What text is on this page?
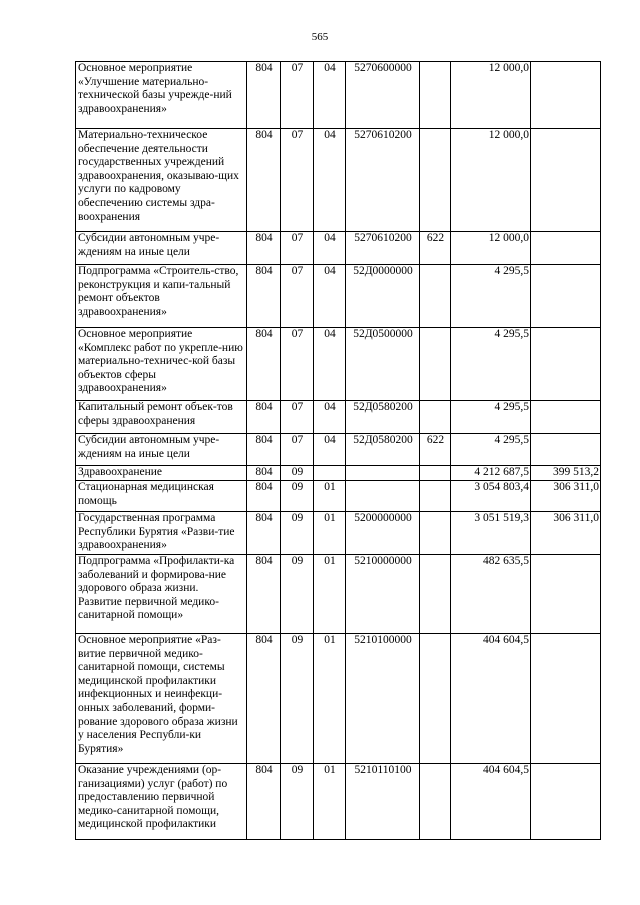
565
Основное мероприятие «Улучшение материально-технической базы учрежде-ний здравоохранения»	804	07	04	5270600000		12 000,0	
Материально-техническое обеспечение деятельности государственных учреждений здравоохранения, оказываю-щих услуги по кадровому обеспечению системы здра-воохранения	804	07	04	5270610200		12 000,0	
Субсидии автономным учре-ждениям на иные цели	804	07	04	5270610200	622	12 000,0	
Подпрограмма «Строитель-ство, реконструкция и капи-тальный ремонт объектов здравоохранения»	804	07	04	52Д0000000		4 295,5	
Основное мероприятие «Комплекс работ по укрепле-нию материально-техничес-кой базы объектов сферы здравоохранения»	804	07	04	52Д0500000		4 295,5	
Капитальный ремонт объек-тов сферы здравоохранения	804	07	04	52Д0580200		4 295,5	
Субсидии автономным учре-ждениям на иные цели	804	07	04	52Д0580200	622	4 295,5	
Здравоохранение	804	09				4 212 687,5	399 513,2
Стационарная медицинская помощь	804	09	01			3 054 803,4	306 311,0
Государственная программа Республики Бурятия «Разви-тие здравоохранения»	804	09	01	5200000000		3 051 519,3	306 311,0
Подпрограмма «Профилакти-ка заболеваний и формирова-ние здорового образа жизни. Развитие первичной медико-санитарной помощи»	804	09	01	5210000000		482 635,5	
Основное мероприятие «Раз-витие первичной медико-санитарной помощи, системы медицинской профилактики инфекционных и неинфекци-онных заболеваний, форми-рование здорового образа жизни у населения Республи-ки Бурятия»	804	09	01	5210100000		404 604,5	
Оказание учреждениями (ор-ганизациями) услуг (работ) по предоставлению первичной медико-санитарной помощи, медицинской профилактики	804	09	01	5210110100		404 604,5	
